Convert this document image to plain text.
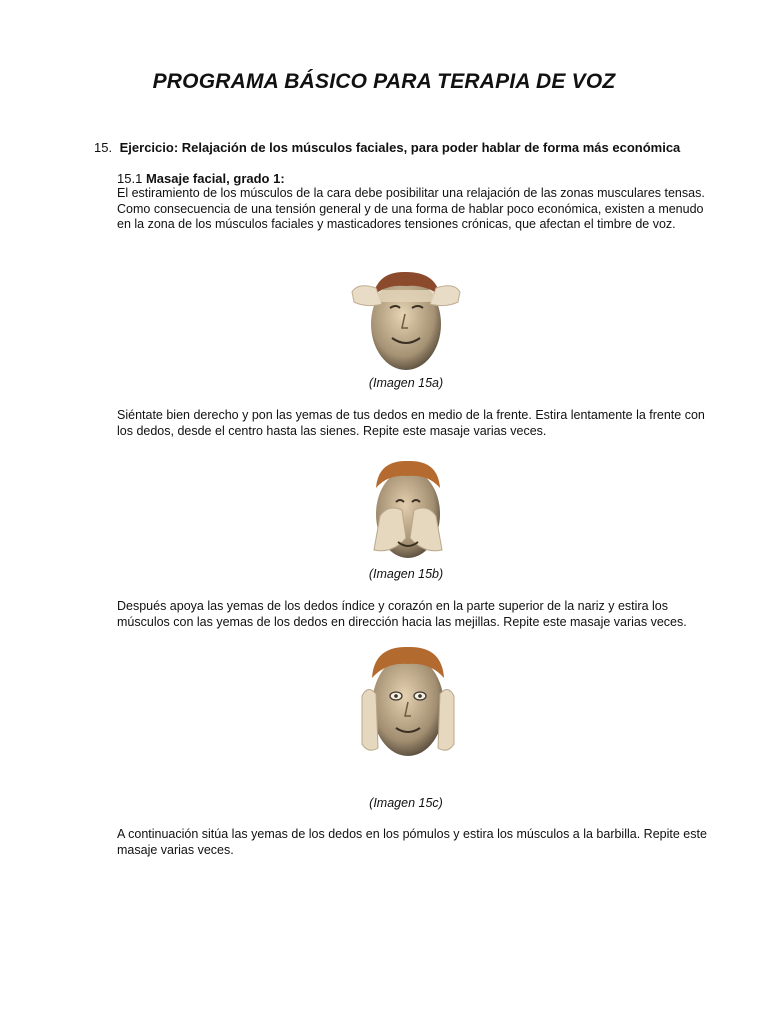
PROGRAMA BÁSICO PARA TERAPIA DE VOZ
15. Ejercicio: Relajación de los músculos faciales, para poder hablar de forma más económica
15.1 Masaje facial, grado 1:
El estiramiento de los músculos de la cara debe posibilitar una relajación de las zonas musculares tensas. Como consecuencia de una tensión general y de una forma de hablar poco económica, existen a menudo en la zona de los músculos faciales y masticadores tensiones crónicas, que afectan el timbre de voz.
(Imagen 15a)
Siéntate bien derecho y pon las yemas de tus dedos en medio de la frente. Estira lentamente la frente con los dedos, desde el centro hasta las sienes. Repite este masaje varias veces.
(Imagen 15b)
Después apoya las yemas de los dedos índice y corazón en la parte superior de la nariz y estira los músculos con las yemas de los dedos en dirección hacia las mejillas. Repite este masaje varias veces.
(Imagen 15c)
A continuación sitúa las yemas de los dedos en los pómulos y estira los músculos a la barbilla. Repite este masaje varias veces.
